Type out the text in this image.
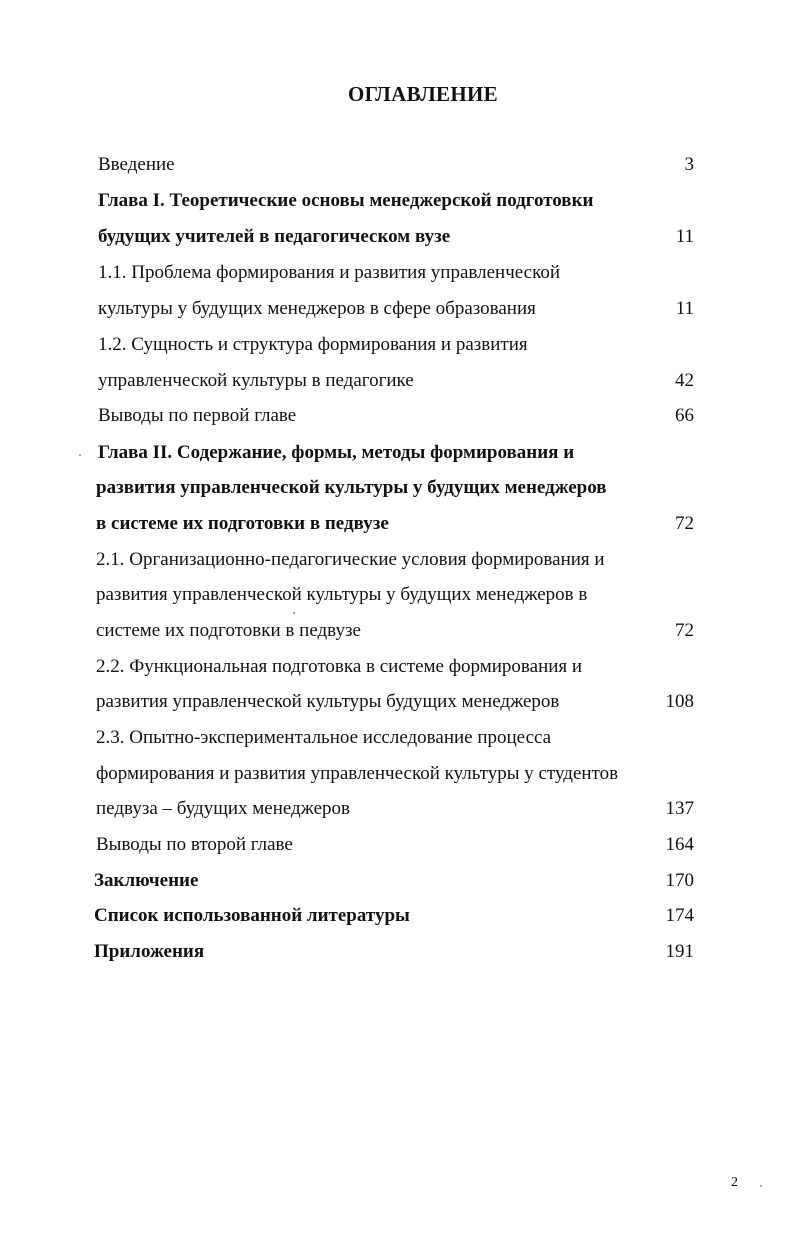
ОГЛАВЛЕНИЕ
Введение	3
Глава I. Теоретические основы менеджерской подготовки
будущих учителей в педагогическом вузе	11
1.1. Проблема формирования и развития управленческой
культуры у будущих менеджеров в сфере образования	11
1.2. Сущность и структура формирования и развития
управленческой культуры в педагогике	42
Выводы по первой главе	66
Глава II. Содержание, формы, методы формирования и
развития управленческой культуры у будущих менеджеров
в системе их подготовки в педвузе	72
2.1. Организационно-педагогические условия формирования и
развития управленческой культуры у будущих менеджеров в
системе их подготовки в педвузе	72
2.2. Функциональная подготовка в системе формирования и
развития управленческой культуры будущих менеджеров	108
2.3. Опытно-экспериментальное исследование процесса
формирования и развития управленческой культуры у студентов
педвуза – будущих менеджеров	137
Выводы по второй главе	164
Заключение	170
Список использованной литературы	174
Приложения	191
2
